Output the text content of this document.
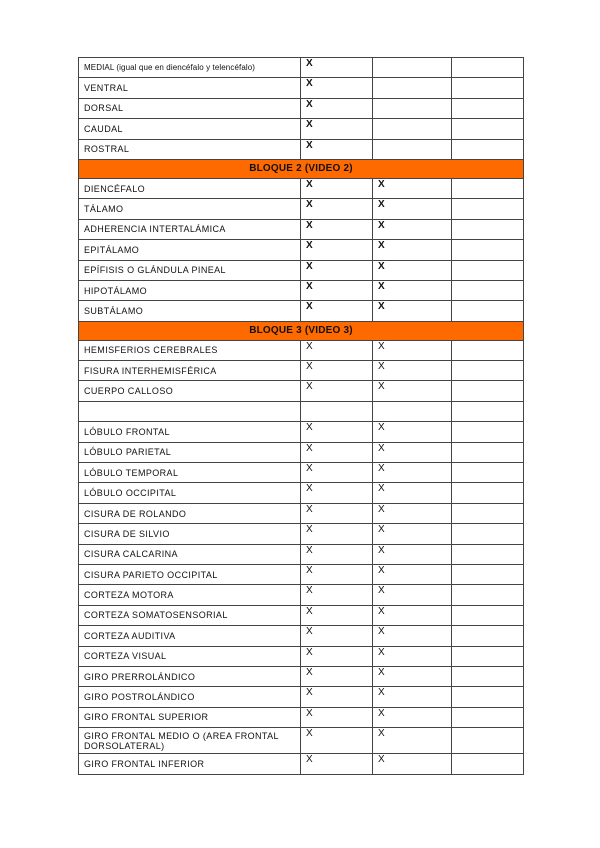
MEDIAL (igual que en diencéfalo y telencéfalo)	X		
VENTRAL	X		
DORSAL	X		
CAUDAL	X		
ROSTRAL	X		
BLOQUE 2 (VIDEO 2)			
DIENCÉFALO	X	X	
TÁLAMO	X	X	
ADHERENCIA INTERTALÁMICA	X	X	
EPITÁLAMO	X	X	
EPÍFISIS O GLÁNDULA PINEAL	X	X	
HIPOTÁLAMO	X	X	
SUBTÁLAMO	X	X	
BLOQUE 3 (VIDEO 3)			
HEMISFERIOS CEREBRALES	X	X	
FISURA INTERHEMISFÉRICA	X	X	
CUERPO CALLOSO	X	X	

LÓBULO FRONTAL	X	X	
LÓBULO PARIETAL	X	X	
LÓBULO TEMPORAL	X	X	
LÓBULO OCCIPITAL	X	X	
CISURA DE ROLANDO	X	X	
CISURA DE SILVIO	X	X	
CISURA CALCARINA	X	X	
CISURA PARIETO OCCIPITAL	X	X	
CORTEZA MOTORA	X	X	
CORTEZA SOMATOSENSORIAL	X	X	
CORTEZA AUDITIVA	X	X	
CORTEZA VISUAL	X	X	
GIRO PRERROLÁNDICO	X	X	
GIRO POSTROLÁNDICO	X	X	
GIRO FRONTAL SUPERIOR	X	X	
GIRO FRONTAL MEDIO O (AREA FRONTAL DORSOLATERAL)	X	X	
GIRO FRONTAL INFERIOR	X	X	
